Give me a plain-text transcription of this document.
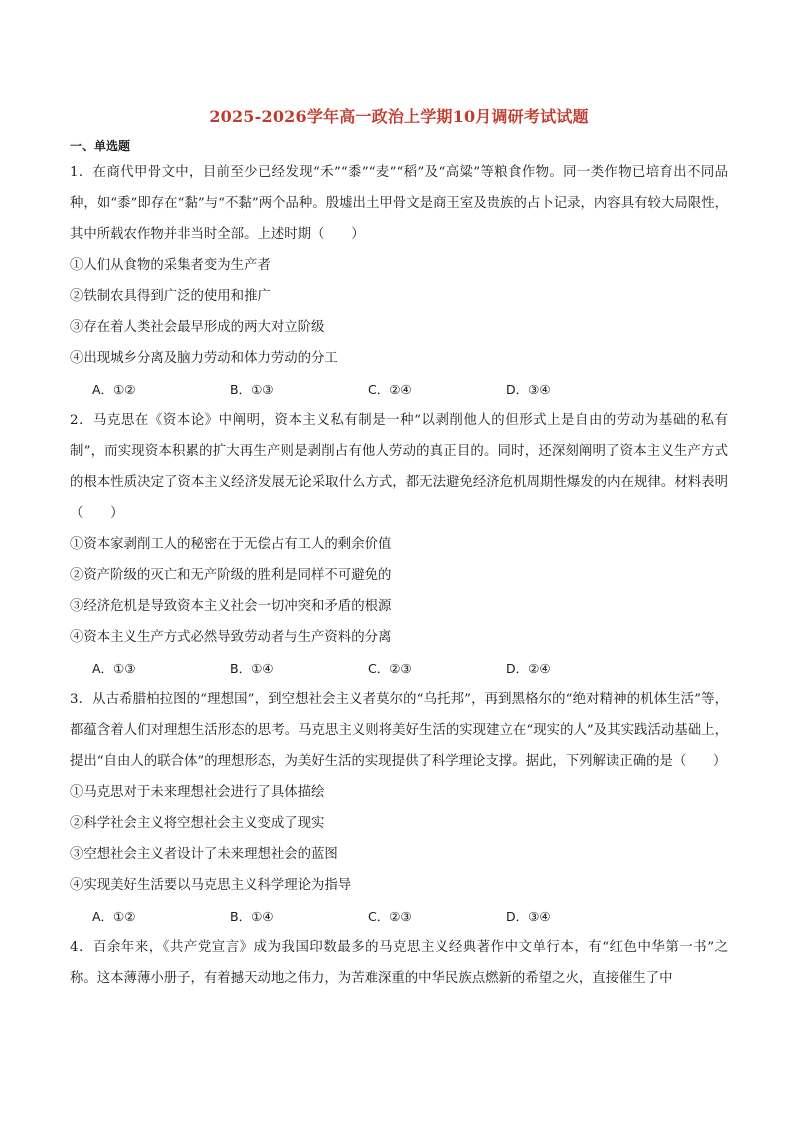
2025-2026学年高一政治上学期10月调研考试试题
一、单选题

1．在商代甲骨文中，目前至少已经发现“禾”“黍”“麦”“稻”及“高粱”等粮食作物。同一类作物已培育出不同品种，如“黍”即存在“黏”与“不黏”两个品种。殷墟出土甲骨文是商王室及贵族的占卜记录，内容具有较大局限性，其中所载农作物并非当时全部。上述时期（　　）

①人们从食物的采集者变为生产者

②铁制农具得到广泛的使用和推广

③存在着人类社会最早形成的两大对立阶级

④出现城乡分离及脑力劳动和体力劳动的分工

A．①②	B．①③	C．②④	D．③④

2．马克思在《资本论》中阐明，资本主义私有制是一种“以剥削他人的但形式上是自由的劳动为基础的私有制”，而实现资本积累的扩大再生产则是剥削占有他人劳动的真正目的。同时，还深刻阐明了资本主义生产方式的根本性质决定了资本主义经济发展无论采取什么方式，都无法避免经济危机周期性爆发的内在规律。材料表明（　　）

①资本家剥削工人的秘密在于无偿占有工人的剩余价值

②资产阶级的灭亡和无产阶级的胜利是同样不可避免的

③经济危机是导致资本主义社会一切冲突和矛盾的根源

④资本主义生产方式必然导致劳动者与生产资料的分离

A．①③	B．①④	C．②③	D．②④

3．从古希腊柏拉图的“理想国”，到空想社会主义者莫尔的“乌托邦”，再到黑格尔的“绝对精神的机体生活”等，都蕴含着人们对理想生活形态的思考。马克思主义则将美好生活的实现建立在“现实的人”及其实践活动基础上，提出“自由人的联合体”的理想形态，为美好生活的实现提供了科学理论支撑。据此，下列解读正确的是（　　）

①马克思对于未来理想社会进行了具体描绘

②科学社会主义将空想社会主义变成了现实

③空想社会主义者设计了未来理想社会的蓝图

④实现美好生活要以马克思主义科学理论为指导

A．①②	B．①④	C．②③	D．③④

4．百余年来，《共产党宣言》成为我国印数最多的马克思主义经典著作中文单行本，有“红色中华第一书”之称。这本薄薄小册子，有着撼天动地之伟力，为苦难深重的中华民族点燃新的希望之火，直接催生了中
